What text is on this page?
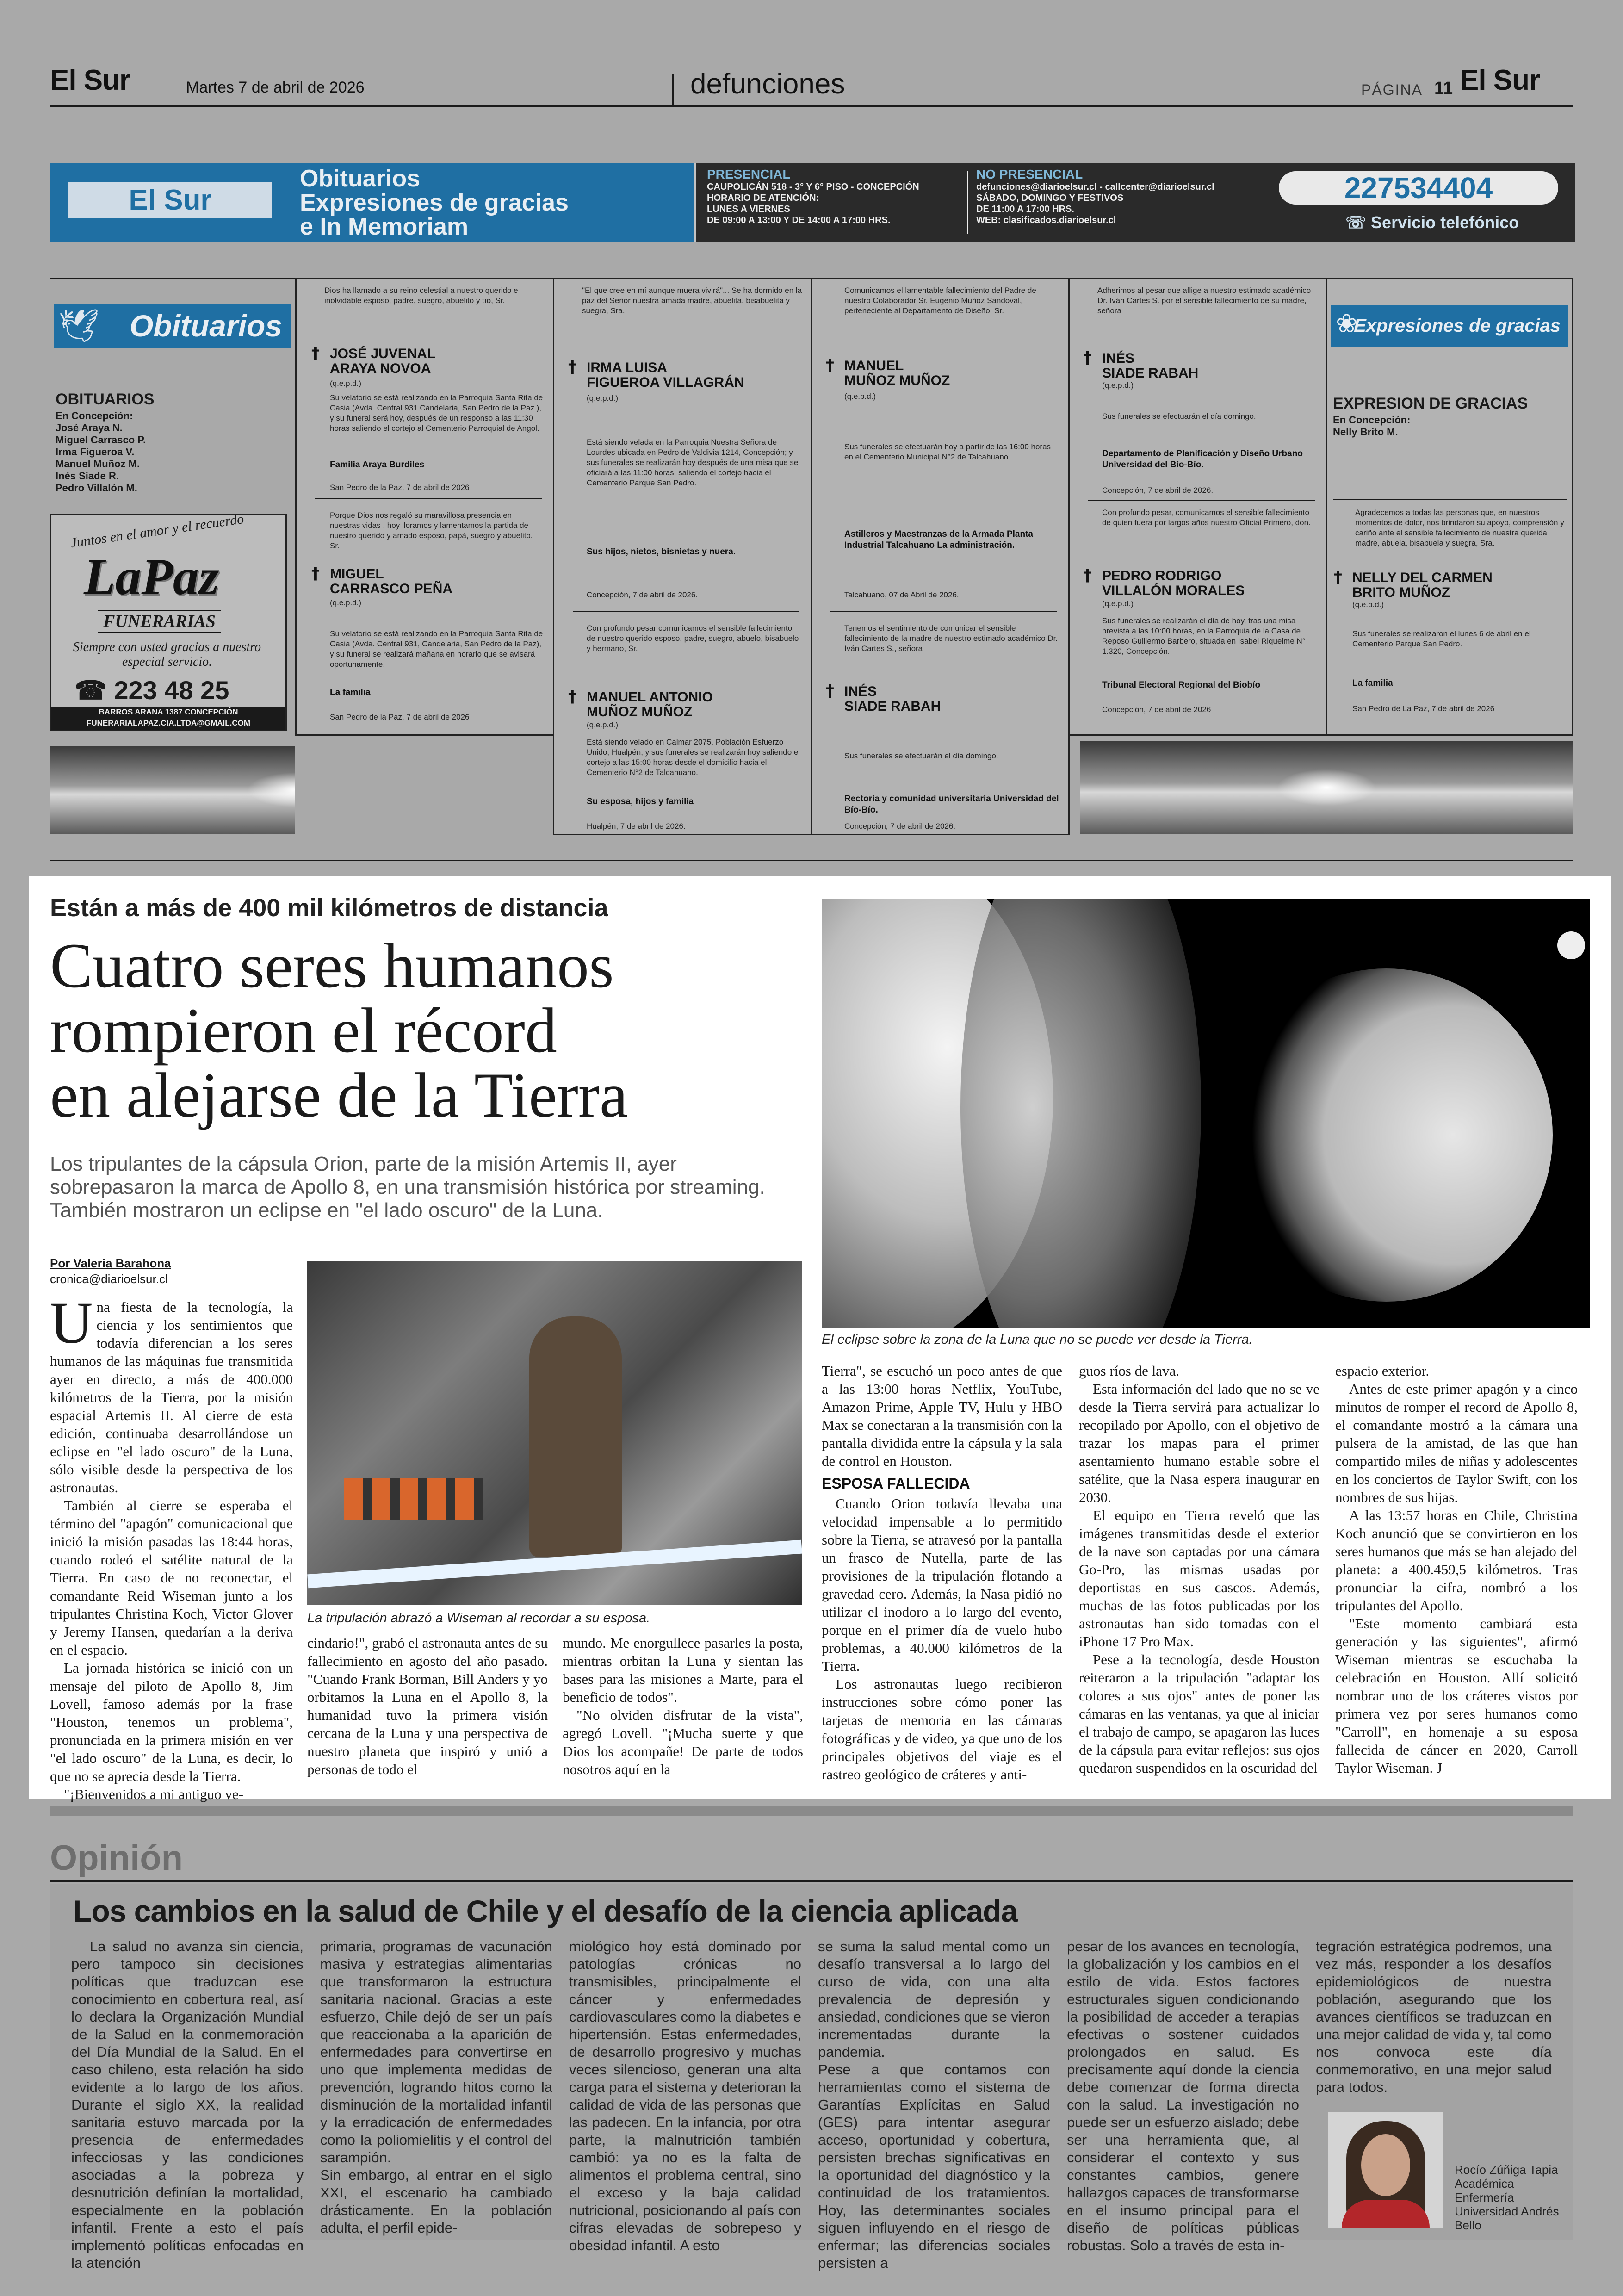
El Sur	Martes 7 de abril de 2026	defunciones	PÁGINA 11 El Sur
El Sur
Obituarios
Expresiones de gracias
e In Memoriam
PRESENCIAL
CAUPOLICÁN 518 - 3° Y 6° PISO - CONCEPCIÓN
HORARIO DE ATENCIÓN:
LUNES A VIERNES
DE 09:00 A 13:00 Y DE 14:00 A 17:00 HRS.
NO PRESENCIAL
defunciones@diarioelsur.cl - callcenter@diarioelsur.cl
SÁBADO, DOMINGO Y FESTIVOS
DE 11:00 A 17:00 HRS.
WEB: clasificados.diarioelsur.cl
227534404
☏ Servicio telefónico
Obituarios
🕊
OBITUARIOS
En Concepción:
José Araya N.
Miguel Carrasco P.
Irma Figueroa V.
Manuel Muñoz M.
Inés Siade R.
Pedro Villalón M.
Juntos en el amor y el recuerdo
LaPaz
FUNERARIAS
Siempre con usted gracias a nuestro especial servicio.
☎ 223 48 25
BARROS ARANA 1387 CONCEPCIÓN
FUNERARIALAPAZ.CIA.LTDA@GMAIL.COM
Dios ha llamado a su reino celestial a nuestro querido e inolvidable esposo, padre, suegro, abuelito y tío, Sr.
† JOSÉ JUVENAL
ARAYA NOVOA
(q.e.p.d.)
Su velatorio se está realizando en la Parroquia Santa Rita de Casia (Avda. Central 931 Candelaria, San Pedro de la Paz ), y su funeral será hoy, después de un responso a las 11:30 horas saliendo el cortejo al Cementerio Parroquial de Angol.
Familia Araya Burdiles
San Pedro de la Paz, 7 de abril de 2026
Porque Dios nos regaló su maravillosa presencia en nuestras vidas , hoy lloramos y lamentamos la partida de nuestro querido y amado esposo, papá, suegro y abuelito. Sr.
† MIGUEL
CARRASCO PEÑA
(q.e.p.d.)
Su velatorio se está realizando en la Parroquia Santa Rita de Casia (Avda. Central 931, Candelaria, San Pedro de la Paz), y su funeral se realizará mañana en horario que se avisará oportunamente.
La familia
San Pedro de la Paz, 7 de abril de 2026
"El que cree en mí aunque muera vivirá"... Se ha dormido en la paz del Señor nuestra amada madre, abuelita, bisabuelita y suegra, Sra.
† IRMA LUISA
FIGUEROA VILLAGRÁN
(q.e.p.d.)
Está siendo velada en la Parroquia Nuestra Señora de Lourdes ubicada en Pedro de Valdivia 1214, Concepción; y sus funerales se realizarán hoy después de una misa que se oficiará a las 11:00 horas, saliendo el cortejo hacia el Cementerio Parque San Pedro.
Sus hijos, nietos, bisnietas y nuera.
Concepción, 7 de abril de 2026.
Con profundo pesar comunicamos el sensible fallecimiento de nuestro querido esposo, padre, suegro, abuelo, bisabuelo y hermano, Sr.
† MANUEL ANTONIO
MUÑOZ MUÑOZ
(q.e.p.d.)
Está siendo velado en Calmar 2075, Población Esfuerzo Unido, Hualpén; y sus funerales se realizarán hoy saliendo el cortejo a las 15:00 horas desde el domicilio hacia el Cementerio N°2 de Talcahuano.
Su esposa, hijos y familia
Hualpén, 7 de abril de 2026.
Comunicamos el lamentable fallecimiento del Padre de nuestro Colaborador Sr. Eugenio Muñoz Sandoval, perteneciente al Departamento de Diseño. Sr.
† MANUEL
MUÑOZ MUÑOZ
(q.e.p.d.)
Sus funerales se efectuarán hoy a partir de las 16:00 horas en el Cementerio Municipal N°2 de Talcahuano.
Astilleros y Maestranzas de la Armada Planta Industrial Talcahuano La administración.
Talcahuano, 07 de Abril de 2026.
Tenemos el sentimiento de comunicar el sensible fallecimiento de la madre de nuestro estimado académico Dr. Iván Cartes S., señora
† INÉS
SIADE RABAH
Sus funerales se efectuarán el día domingo.
Rectoría y comunidad universitaria Universidad del Bío-Bío.
Concepción, 7 de abril de 2026.
Adherimos al pesar que aflige a nuestro estimado académico Dr. Iván Cartes S. por el sensible fallecimiento de su madre, señora
† INÉS
SIADE RABAH
(q.e.p.d.)
Sus funerales se efectuarán el día domingo.
Departamento de Planificación y Diseño Urbano Universidad del Bío-Bío.
Concepción, 7 de abril de 2026.
Con profundo pesar, comunicamos el sensible fallecimiento de quien fuera por largos años nuestro Oficial Primero, don.
† PEDRO RODRIGO
VILLALÓN MORALES
(q.e.p.d.)
Sus funerales se realizarán el día de hoy, tras una misa prevista a las 10:00 horas, en la Parroquia de la Casa de Reposo Guillermo Barbero, situada en Isabel Riquelme N° 1.320, Concepción.
Tribunal Electoral Regional del Biobío
Concepción, 7 de abril de 2026
Expresiones de gracias
❀
EXPRESION DE GRACIAS
En Concepción:
Nelly Brito M.
Agradecemos a todas las personas que, en nuestros momentos de dolor, nos brindaron su apoyo, comprensión y cariño ante el sensible fallecimiento de nuestra querida madre, abuela, bisabuela y suegra, Sra.
† NELLY DEL CARMEN
BRITO MUÑOZ
(q.e.p.d.)
Sus funerales se realizaron el lunes 6 de abril en el Cementerio Parque San Pedro.
La familia
San Pedro de La Paz, 7 de abril de 2026
Están a más de 400 mil kilómetros de distancia
Cuatro seres humanos
rompieron el récord
en alejarse de la Tierra
Los tripulantes de la cápsula Orion, parte de la misión Artemis II, ayer sobrepasaron la marca de Apollo 8, en una transmisión histórica por streaming. También mostraron un eclipse en "el lado oscuro" de la Luna.
Por Valeria Barahona
cronica@diarioelsur.cl
El eclipse sobre la zona de la Luna que no se puede ver desde la Tierra.
La tripulación abrazó a Wiseman al recordar a su esposa.
U na fiesta de la tecnología, la ciencia y los sentimientos que todavía diferencian a los seres humanos de las máquinas fue transmitida ayer en directo, a más de 400.000 kilómetros de la Tierra, por la misión espacial Artemis II. Al cierre de esta edición, continuaba desarrollándose un eclipse en "el lado oscuro" de la Luna, sólo visible desde la perspectiva de los astronautas.
También al cierre se esperaba el término del "apagón" comunicacional que inició la misión pasadas las 18:44 horas, cuando rodeó el satélite natural de la Tierra. En caso de no reconectar, el comandante Reid Wiseman junto a los tripulantes Christina Koch, Victor Glover y Jeremy Hansen, quedarían a la deriva en el espacio.
La jornada histórica se inició con un mensaje del piloto de Apollo 8, Jim Lovell, famoso además por la frase "Houston, tenemos un problema", pronunciada en la primera misión en ver "el lado oscuro" de la Luna, es decir, lo que no se aprecia desde la Tierra.
"¡Bienvenidos a mi antiguo ve-
cindario!", grabó el astronauta antes de su fallecimiento en agosto del año pasado. "Cuando Frank Borman, Bill Anders y yo orbitamos la Luna en el Apollo 8, la humanidad tuvo la primera visión cercana de la Luna y una perspectiva de nuestro planeta que inspiró y unió a personas de todo el
mundo. Me enorgullece pasarles la posta, mientras orbitan la Luna y sientan las bases para las misiones a Marte, para el beneficio de todos".
"No olviden disfrutar de la vista", agregó Lovell. "¡Mucha suerte y que Dios los acompañe! De parte de todos nosotros aquí en la
Tierra", se escuchó un poco antes de que a las 13:00 horas Netflix, YouTube, Amazon Prime, Apple TV, Hulu y HBO Max se conectaran a la transmisión con la pantalla dividida entre la cápsula y la sala de control en Houston.
ESPOSA FALLECIDA
Cuando Orion todavía llevaba una velocidad impensable a lo permitido sobre la Tierra, se atravesó por la pantalla un frasco de Nutella, parte de las provisiones de la tripulación flotando a gravedad cero. Además, la Nasa pidió no utilizar el inodoro a lo largo del evento, porque en el primer día de vuelo hubo problemas, a 40.000 kilómetros de la Tierra.
Los astronautas luego recibieron instrucciones sobre cómo poner las tarjetas de memoria en las cámaras fotográficas y de video, ya que uno de los principales objetivos del viaje es el rastreo geológico de cráteres y anti-
guos ríos de lava.
Esta información del lado que no se ve desde la Tierra servirá para actualizar lo recopilado por Apollo, con el objetivo de trazar los mapas para el primer asentamiento humano estable sobre el satélite, que la Nasa espera inaugurar en 2030.
El equipo en Tierra reveló que las imágenes transmitidas desde el exterior de la nave son captadas por una cámara Go-Pro, las mismas usadas por deportistas en sus cascos. Además, muchas de las fotos publicadas por los astronautas han sido tomadas con el iPhone 17 Pro Max.
Pese a la tecnología, desde Houston reiteraron a la tripulación "adaptar los colores a sus ojos" antes de poner las cámaras en las ventanas, ya que al iniciar el trabajo de campo, se apagaron las luces de la cápsula para evitar reflejos: sus ojos quedaron suspendidos en la oscuridad del
espacio exterior.
Antes de este primer apagón y a cinco minutos de romper el record de Apollo 8, el comandante mostró a la cámara una pulsera de la amistad, de las que han compartido miles de niñas y adolescentes en los conciertos de Taylor Swift, con los nombres de sus hijas.
A las 13:57 horas en Chile, Christina Koch anunció que se convirtieron en los seres humanos que más se han alejado del planeta: a 400.459,5 kilómetros. Tras pronunciar la cifra, nombró a los tripulantes del Apollo.
"Este momento cambiará esta generación y las siguientes", afirmó Wiseman mientras se escuchaba la celebración en Houston. Allí solicitó nombrar uno de los cráteres vistos por primera vez por seres humanos como "Carroll", en homenaje a su esposa fallecida de cáncer en 2020, Carroll Taylor Wiseman. J
Opinión
Los cambios en la salud de Chile y el desafío de la ciencia aplicada
La salud no avanza sin ciencia, pero tampoco sin decisiones políticas que traduzcan ese conocimiento en cobertura real, así lo declara la Organización Mundial de la Salud en la conmemoración del Día Mundial de la Salud. En el caso chileno, esta relación ha sido evidente a lo largo de los años. Durante el siglo XX, la realidad sanitaria estuvo marcada por la presencia de enfermedades infecciosas y las condiciones asociadas a la pobreza y desnutrición definían la mortalidad, especialmente en la población infantil. Frente a esto el país implementó políticas enfocadas en la atención
primaria, programas de vacunación masiva y estrategias alimentarias que transformaron la estructura sanitaria nacional. Gracias a este esfuerzo, Chile dejó de ser un país que reaccionaba a la aparición de enfermedades para convertirse en uno que implementa medidas de prevención, logrando hitos como la disminución de la mortalidad infantil y la erradicación de enfermedades como la poliomielitis y el control del sarampión.
Sin embargo, al entrar en el siglo XXI, el escenario ha cambiado drásticamente. En la población adulta, el perfil epide-
miológico hoy está dominado por patologías crónicas no transmisibles, principalmente el cáncer y enfermedades cardiovasculares como la diabetes e hipertensión. Estas enfermedades, de desarrollo progresivo y muchas veces silencioso, generan una alta carga para el sistema y deterioran la calidad de vida de las personas que las padecen. En la infancia, por otra parte, la malnutrición también cambió: ya no es la falta de alimentos el problema central, sino el exceso y la baja calidad nutricional, posicionando al país con cifras elevadas de sobrepeso y obesidad infantil. A esto
se suma la salud mental como un desafío transversal a lo largo del curso de vida, con una alta prevalencia de depresión y ansiedad, condiciones que se vieron incrementadas durante la pandemia.
Pese a que contamos con herramientas como el sistema de Garantías Explícitas en Salud (GES) para intentar asegurar acceso, oportunidad y cobertura, persisten brechas significativas en la oportunidad del diagnóstico y la continuidad de los tratamientos. Hoy, las determinantes sociales siguen influyendo en el riesgo de enfermar; las diferencias sociales persisten a
pesar de los avances en tecnología, la globalización y los cambios en el estilo de vida. Estos factores estructurales siguen condicionando la posibilidad de acceder a terapias efectivas o sostener cuidados prolongados en salud. Es precisamente aquí donde la ciencia debe comenzar de forma directa con la salud. La investigación no puede ser un esfuerzo aislado; debe ser una herramienta que, al considerar el contexto y sus constantes cambios, genere hallazgos capaces de transformarse en el insumo principal para el diseño de políticas públicas robustas. Solo a través de esta in-
tegración estratégica podremos, una vez más, responder a los desafíos epidemiológicos de nuestra población, asegurando que los avances científicos se traduzcan en una mejor calidad de vida y, tal como nos convoca este día conmemorativo, en una mejor salud para todos.
Rocío Zúñiga Tapia
Académica
Enfermería
Universidad Andrés
Bello
